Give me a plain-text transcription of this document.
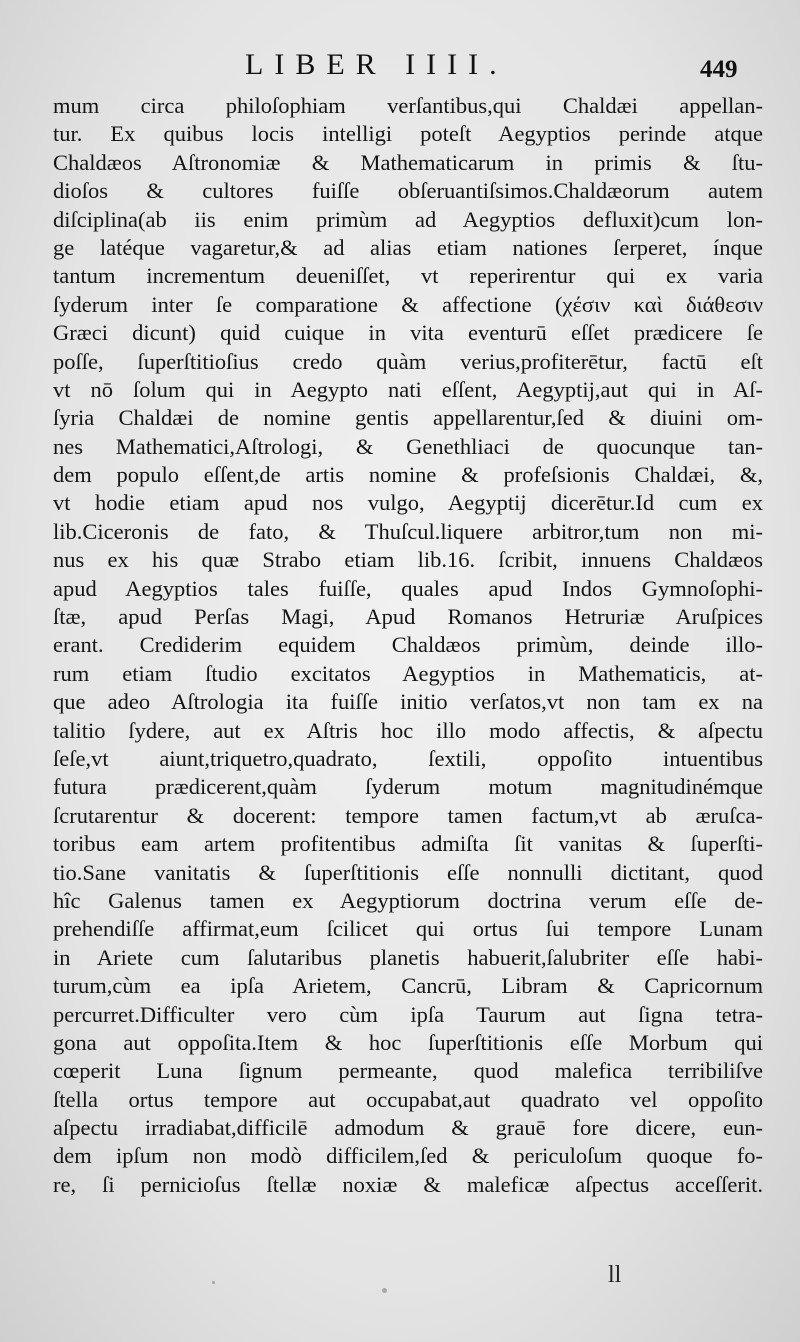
LIBER IIII.	449
mum circa philoſophiam verſantibus,qui Chaldæi appellan-
tur. Ex quibus locis intelligi poteſt Aegyptios perinde atque
Chaldæos Aſtronomiæ & Mathematicarum in primis & ſtu-
dioſos & cultores fuiſſe obſeruantiſsimos.Chaldæorum autem
diſciplina(ab iis enim primùm ad Aegyptios defluxit)cum lon-
ge latéque vagaretur,& ad alias etiam nationes ſerperet, ínque
tantum incrementum deueniſſet, vt reperirentur qui ex varia
ſyderum inter ſe comparatione & affectione (χέσιν καὶ διάθεσιν
Græci dicunt) quid cuique in vita eventurū eſſet prædicere ſe
poſſe, ſuperſtitioſius credo quàm verius,profiterētur, factū eſt
vt nō ſolum qui in Aegypto nati eſſent, Aegyptij,aut qui in Aſ-
ſyria Chaldæi de nomine gentis appellarentur,ſed & diuini om-
nes Mathematici,Aſtrologi, & Genethliaci de quocunque tan-
dem populo eſſent,de artis nomine & profeſsionis Chaldæi, &,
vt hodie etiam apud nos vulgo, Aegyptij dicerētur.Id cum ex
lib.Ciceronis de fato, & Thuſcul.liquere arbitror,tum non mi-
nus ex his quæ Strabo etiam lib.16. ſcribit, innuens Chaldæos
apud Aegyptios tales fuiſſe, quales apud Indos Gymnoſophi-
ſtæ, apud Perſas Magi, Apud Romanos Hetruriæ Aruſpices
erant. Crediderim equidem Chaldæos primùm, deinde illo-
rum etiam ſtudio excitatos Aegyptios in Mathematicis, at-
que adeo Aſtrologia ita fuiſſe initio verſatos,vt non tam ex na
talitio ſydere, aut ex Aſtris hoc illo modo affectis, & aſpectu
ſeſe,vt aiunt,triquetro,quadrato, ſextili, oppoſito intuentibus
futura prædicerent,quàm ſyderum motum magnitudinémque
ſcrutarentur & docerent: tempore tamen factum,vt ab æruſca-
toribus eam artem profitentibus admiſta ſit vanitas & ſuperſti-
tio.Sane vanitatis & ſuperſtitionis eſſe nonnulli dictitant, quod
hîc Galenus tamen ex Aegyptiorum doctrina verum eſſe de-
prehendiſſe affirmat,eum ſcilicet qui ortus ſui tempore Lunam
in Ariete cum ſalutaribus planetis habuerit,ſalubriter eſſe habi-
turum,cùm ea ipſa Arietem, Cancrū, Libram & Capricornum
percurret.Difficulter vero cùm ipſa Taurum aut ſigna tetra-
gona aut oppoſita.Item & hoc ſuperſtitionis eſſe Morbum qui
cœperit Luna ſignum permeante, quod malefica terribiliſve
ſtella ortus tempore aut occupabat,aut quadrato vel oppoſito
aſpectu irradiabat,difficilē admodum & grauē fore dicere, eun-
dem ipſum non modò difficilem,ſed & periculoſum quoque fo-
re, ſi pernicioſus ſtellæ noxiæ & maleficæ aſpectus acceſſerit.
ll
